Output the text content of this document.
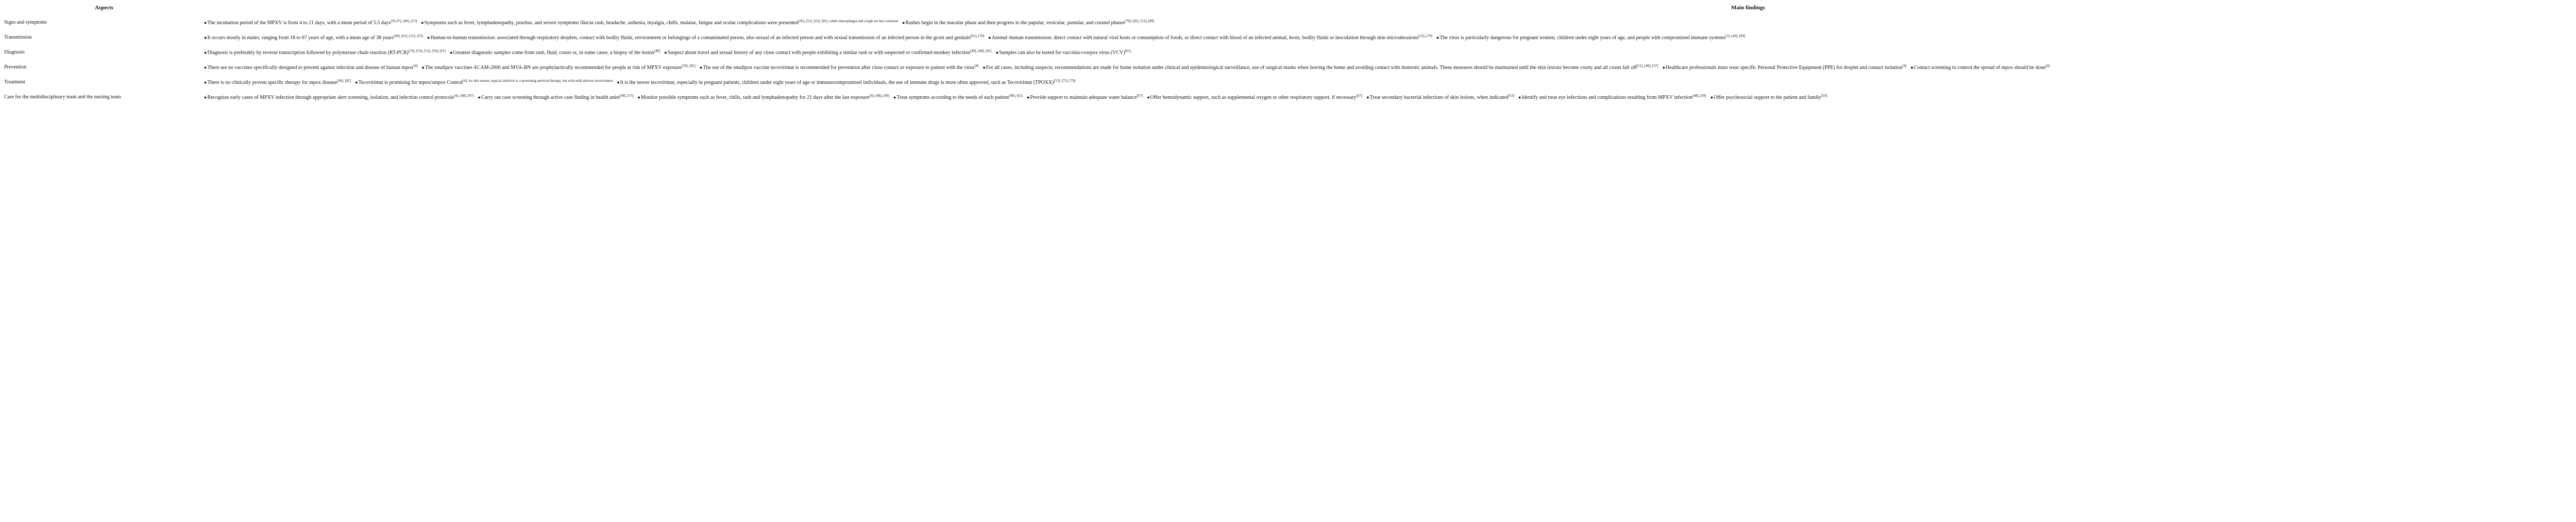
Aspects	Main findings
Signs and symptoms	●The incubation period of the MPXV is from 4 to 21 days, with a mean period of 5.5 days[36,37], [40], [53] ●Symptoms such as fever, lymphadenopathy, pruritus, and severe symptoms like/as rash, headache, asthenia, myalgia, chills, malaise, fatigue and ocular complications were presented$^{[36], [51], [61], [81], while enterophagia and cough are less common}$ ●Rashes begin in the macular phase and then progress to the papular, vesicular, pustular, and crusted phases[79], [82], [53], [89]
Transmission	●It occurs mostly in males, ranging from 18 to 67 years of age, with a mean age of 38 years[49], [61], [25], [53] ●Human-to-human transmission: associated through respiratory droplets, contact with bodily fluids, environment or belongings of a contaminated person, also sexual of an infected person and with sexual transmission of an infected person in the groin and genitals[61], [79] ●Animal–human transmission: direct contact with natural viral hosts or consumption of foods, or direct contact with blood of an infected animal, hosts, bodily fluids or inoculation through skin microabrasions[53], [79] ●The virus is particularly dangerous for pregnant women, children under eight years of age, and people with compromised immune systems[3], [40], [89]
Diagnosis	●Diagnosis is preferably by reverse transcription followed by polymerase chain reaction (RT-PCR)[33], [53], [53], [59], [61] ●Greatest diagnostic samples come from rash, fluid, crusts or, in some cases, a biopsy of the lesion[48] ●Suspect about travel and sexual history of any close contact with people exhibiting a similar rash or with suspected or confirmed monkey infection[40], [48], [81] ●Samples can also be tested for vaccinia-cowpox virus (VCV)[61]
Prevention	●There are no vaccines specifically designed to prevent against infection and disease of human mpox[4] ●The smallpox vaccines ACAM-2000 and MVA-BN are prophylactically recommended for people at risk of MPXV exposure[59], [81] ●The use of the smallpox vaccine tecovirimat is recommended for prevention after close contact or exposure to patient with the virus[4] ●For all cases, including suspects, recommendations are made for home isolation under clinical and epidemiological surveillance, use of surgical masks when leaving the home and avoiding contact with domestic animals. These measures should be maintained until the skin lesions become crusty and all crusts fall off[51], [40], [57] ●Healthcare professionals must wear specific Personal Protective Equipment (PPE) for droplet and contact isolation[4] ●Contact screening to control the spread of mpox should be done[4]
Treatment	●There is no clinically proven specific therapy for mpox disease[49], [82] ●Tecovirimat is promising for mpox/smpox Control$^{[4], for this reason, topical cidofovir is a promising antiviral therapy, but with mild adverse involvement}$ ●It is the newer tecovirimat, especially in pregnant patients, children under eight years of age or immunocompromised individuals, the use of immune drugs is more often approved, such as Tecovirimat (TPOXX)[53], [75], [79]
Care for the multidisciplinary team and the nursing team	●Recognize early cases of MPXV infection through appropriate alert screening, isolation, and infection control protocols[4], [48], [67] ●Carry out case screening through active case finding in health units[48], [57] ●Monitor possible symptoms such as fever, chills, rash and lymphadenopathy for 21 days after the last exposure[4], [48], [49] ●Treat symptoms according to the needs of each patient[48], [61] ●Provide support to maintain adequate water balance[67] ●Offer hemodynamic support, such as supplemental oxygen or other respiratory support, if necessary[67] ●Treat secondary bacterial infections of skin lesions, when indicated[53] ●Identify and treat eye infections and complications resulting from MPXV infection[48], [59] ●Offer psychosocial support to the patient and family[50]
